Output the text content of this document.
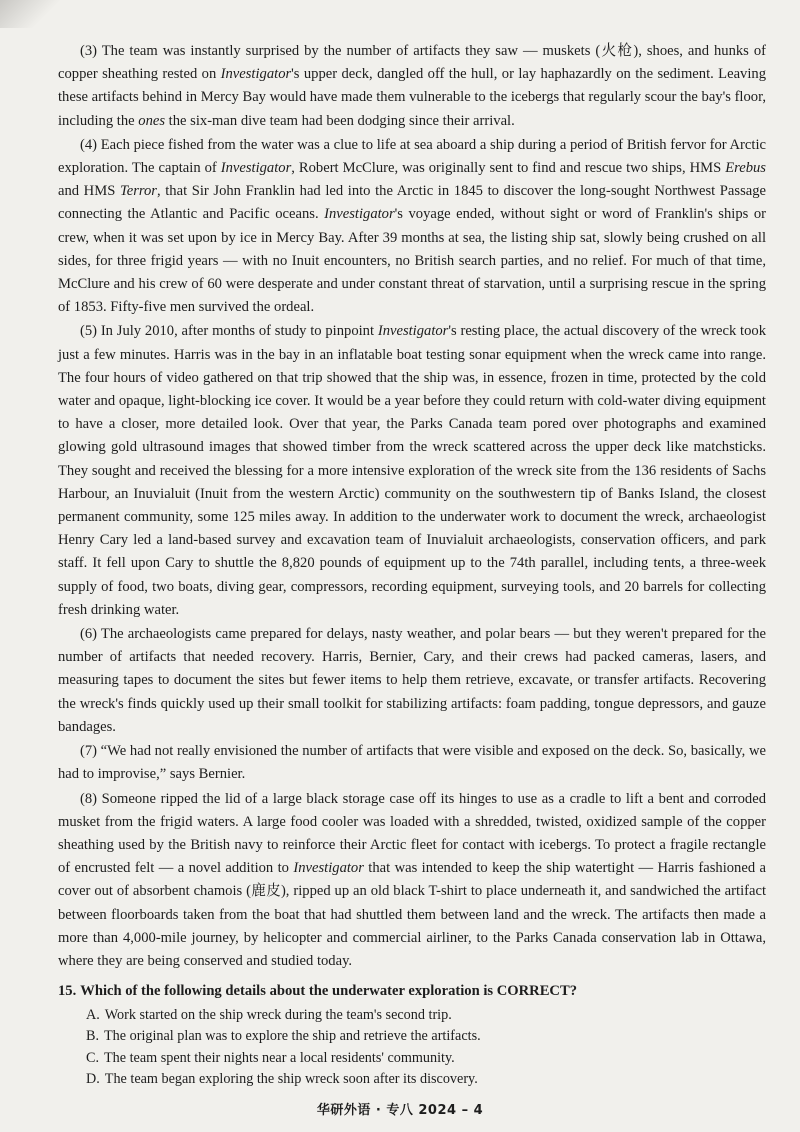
(3) The team was instantly surprised by the number of artifacts they saw — muskets (火枪), shoes, and hunks of copper sheathing rested on Investigator's upper deck, dangled off the hull, or lay haphazardly on the sediment. Leaving these artifacts behind in Mercy Bay would have made them vulnerable to the icebergs that regularly scour the bay's floor, including the ones the six-man dive team had been dodging since their arrival.

(4) Each piece fished from the water was a clue to life at sea aboard a ship during a period of British fervor for Arctic exploration. The captain of Investigator, Robert McClure, was originally sent to find and rescue two ships, HMS Erebus and HMS Terror, that Sir John Franklin had led into the Arctic in 1845 to discover the long-sought Northwest Passage connecting the Atlantic and Pacific oceans. Investigator's voyage ended, without sight or word of Franklin's ships or crew, when it was set upon by ice in Mercy Bay. After 39 months at sea, the listing ship sat, slowly being crushed on all sides, for three frigid years — with no Inuit encounters, no British search parties, and no relief. For much of that time, McClure and his crew of 60 were desperate and under constant threat of starvation, until a surprising rescue in the spring of 1853. Fifty-five men survived the ordeal.

(5) In July 2010, after months of study to pinpoint Investigator's resting place, the actual discovery of the wreck took just a few minutes. Harris was in the bay in an inflatable boat testing sonar equipment when the wreck came into range. The four hours of video gathered on that trip showed that the ship was, in essence, frozen in time, protected by the cold water and opaque, light-blocking ice cover. It would be a year before they could return with cold-water diving equipment to have a closer, more detailed look. Over that year, the Parks Canada team pored over photographs and examined glowing gold ultrasound images that showed timber from the wreck scattered across the upper deck like matchsticks. They sought and received the blessing for a more intensive exploration of the wreck site from the 136 residents of Sachs Harbour, an Inuvialuit (Inuit from the western Arctic) community on the southwestern tip of Banks Island, the closest permanent community, some 125 miles away. In addition to the underwater work to document the wreck, archaeologist Henry Cary led a land-based survey and excavation team of Inuvialuit archaeologists, conservation officers, and park staff. It fell upon Cary to shuttle the 8,820 pounds of equipment up to the 74th parallel, including tents, a three-week supply of food, two boats, diving gear, compressors, recording equipment, surveying tools, and 20 barrels for collecting fresh drinking water.

(6) The archaeologists came prepared for delays, nasty weather, and polar bears — but they weren't prepared for the number of artifacts that needed recovery. Harris, Bernier, Cary, and their crews had packed cameras, lasers, and measuring tapes to document the sites but fewer items to help them retrieve, excavate, or transfer artifacts. Recovering the wreck's finds quickly used up their small toolkit for stabilizing artifacts: foam padding, tongue depressors, and gauze bandages.

(7) “We had not really envisioned the number of artifacts that were visible and exposed on the deck. So, basically, we had to improvise,” says Bernier.

(8) Someone ripped the lid of a large black storage case off its hinges to use as a cradle to lift a bent and corroded musket from the frigid waters. A large food cooler was loaded with a shredded, twisted, oxidized sample of the copper sheathing used by the British navy to reinforce their Arctic fleet for contact with icebergs. To protect a fragile rectangle of encrusted felt — a novel addition to Investigator that was intended to keep the ship watertight — Harris fashioned a cover out of absorbent chamois (鹿皮), ripped up an old black T-shirt to place underneath it, and sandwiched the artifact between floorboards taken from the boat that had shuttled them between land and the wreck. The artifacts then made a more than 4,000-mile journey, by helicopter and commercial airliner, to the Parks Canada conservation lab in Ottawa, where they are being conserved and studied today.

15. Which of the following details about the underwater exploration is CORRECT?
A. Work started on the ship wreck during the team's second trip.
B. The original plan was to explore the ship and retrieve the artifacts.
C. The team spent their nights near a local residents' community.
D. The team began exploring the ship wreck soon after its discovery.
华研外语 · 专八 2024 – 4
